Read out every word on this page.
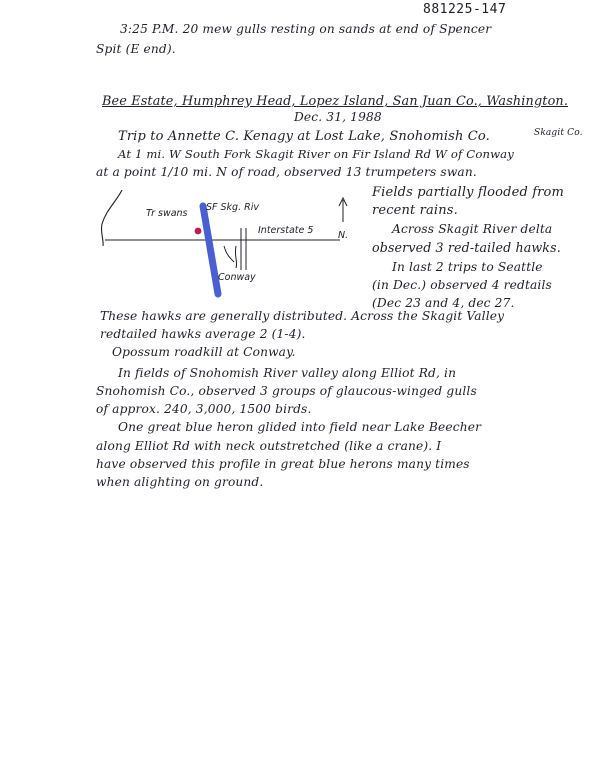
881225-147
3:25 P.M. 20 mew gulls resting on sands at end of Spencer
Spit (E end).
Bee Estate, Humphrey Head, Lopez Island, San Juan Co., Washington.
Dec. 31, 1988
Trip to Annette C. Kenagy at Lost Lake, Snohomish Co.	Skagit Co.
At 1 mi. W South Fork Skagit River on Fir Island Rd W of Conway
at a point 1/10 mi. N of road, observed 13 trumpeters swan.
Fields partially flooded from
recent rains.
Across Skagit River delta
observed 3 red-tailed hawks.
In last 2 trips to Seattle
(in Dec.) observed 4 redtails
(Dec 23 and 4, dec 27.
Tr swans
SF Skg. Riv
Interstate 5	N.
Conway
These hawks are generally distributed. Across the Skagit Valley
redtailed hawks average 2 (1-4).
Opossum roadkill at Conway.
In fields of Snohomish River valley along Elliot Rd, in
Snohomish Co., observed 3 groups of glaucous-winged gulls
of approx. 240, 3,000, 1500 birds.
One great blue heron glided into field near Lake Beecher
along Elliot Rd with neck outstretched (like a crane). I
have observed this profile in great blue herons many times
when alighting on ground.
